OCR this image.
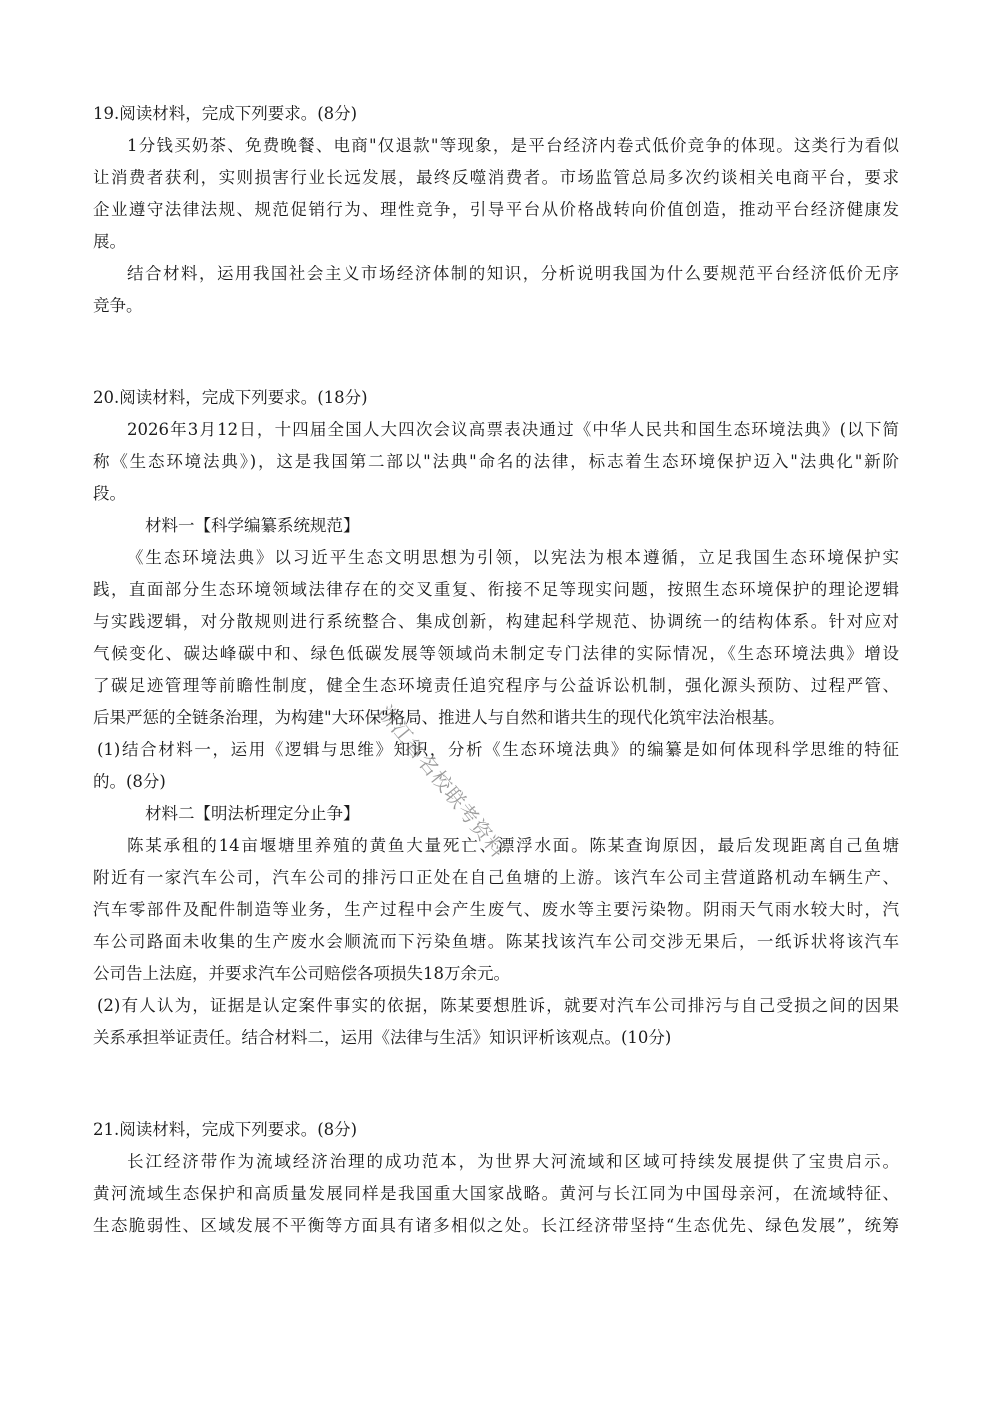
19.阅读材料，完成下列要求。(8分)
1分钱买奶茶、免费晚餐、电商"仅退款"等现象，是平台经济内卷式低价竞争的体现。这类行为看似
让消费者获利，实则损害行业长远发展，最终反噬消费者。市场监管总局多次约谈相关电商平台，要求
企业遵守法律法规、规范促销行为、理性竞争，引导平台从价格战转向价值创造，推动平台经济健康发
展。
结合材料，运用我国社会主义市场经济体制的知识，分析说明我国为什么要规范平台经济低价无序
竞争。
20.阅读材料，完成下列要求。(18分)
2026年3月12日，十四届全国人大四次会议高票表决通过《中华人民共和国生态环境法典》(以下简
称《生态环境法典》)，这是我国第二部以"法典"命名的法律，标志着生态环境保护迈入"法典化"新阶
段。
材料一【科学编纂系统规范】
《生态环境法典》以习近平生态文明思想为引领，以宪法为根本遵循，立足我国生态环境保护实
践，直面部分生态环境领域法律存在的交叉重复、衔接不足等现实问题，按照生态环境保护的理论逻辑
与实践逻辑，对分散规则进行系统整合、集成创新，构建起科学规范、协调统一的结构体系。针对应对
气候变化、碳达峰碳中和、绿色低碳发展等领域尚未制定专门法律的实际情况，《生态环境法典》增设
了碳足迹管理等前瞻性制度，健全生态环境责任追究程序与公益诉讼机制，强化源头预防、过程严管、
后果严惩的全链条治理，为构建"大环保"格局、推进人与自然和谐共生的现代化筑牢法治根基。
(1)结合材料一，运用《逻辑与思维》知识，分析《生态环境法典》的编纂是如何体现科学思维的特征
的。(8分)
材料二【明法析理定分止争】
陈某承租的14亩堰塘里养殖的黄鱼大量死亡、漂浮水面。陈某查询原因，最后发现距离自己鱼塘
附近有一家汽车公司，汽车公司的排污口正处在自己鱼塘的上游。该汽车公司主营道路机动车辆生产、
汽车零部件及配件制造等业务，生产过程中会产生废气、废水等主要污染物。阴雨天气雨水较大时，汽
车公司路面未收集的生产废水会顺流而下污染鱼塘。陈某找该汽车公司交涉无果后，一纸诉状将该汽车
公司告上法庭，并要求汽车公司赔偿各项损失18万余元。
(2)有人认为，证据是认定案件事实的依据，陈某要想胜诉，就要对汽车公司排污与自己受损之间的因果
关系承担举证责任。结合材料二，运用《法律与生活》知识评析该观点。(10分)
21.阅读材料，完成下列要求。(8分)
长江经济带作为流域经济治理的成功范本，为世界大河流域和区域可持续发展提供了宝贵启示。
黄河流域生态保护和高质量发展同样是我国重大国家战略。黄河与长江同为中国母亲河，在流域特征、
生态脆弱性、区域发展不平衡等方面具有诸多相似之处。长江经济带坚持“生态优先、绿色发展”，统筹
浙江省名校联考资料
